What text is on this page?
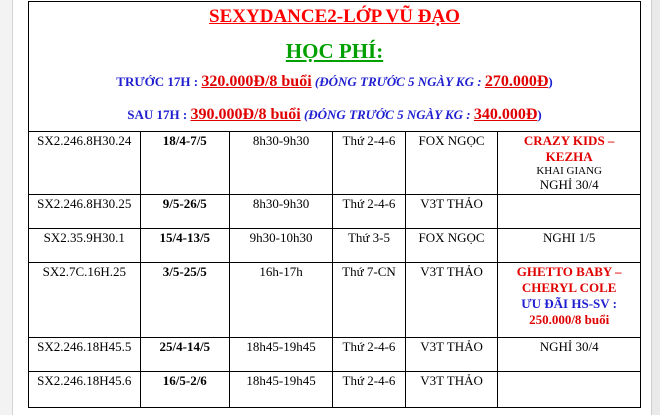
SEXYDANCE2-LỚP VŨ ĐẠO
HỌC PHÍ:
TRƯỚC 17H : 320.000Đ/8 buổi (ĐÓNG TRƯỚC 5 NGÀY KG : 270.000Đ)
SAU 17H : 390.000Đ/8 buổi (ĐÓNG TRƯỚC 5 NGÀY KG : 340.000Đ)
SX2.246.8H30.24	18/4-7/5	8h30-9h30	Thứ 2-4-6	FOX NGỌC	CRAZY KIDS – KEZHA
KHAI GIANG
NGHỈ 30/4

SX2.246.8H30.25	9/5-26/5	8h30-9h30	Thứ 2-4-6	V3T THẢO	
SX2.35.9H30.1	15/4-13/5	9h30-10h30	Thứ 3-5	FOX NGỌC	NGHI 1/5
SX2.7C.16H.25	3/5-25/5	16h-17h	Thứ 7-CN	V3T THẢO	GHETTO BABY – CHERYL COLE
ƯU ĐÃI HS-SV :
250.000/8 buổi

SX2.246.18H45.5	25/4-14/5	18h45-19h45	Thứ 2-4-6	V3T THẢO	NGHỈ 30/4
SX2.246.18H45.6	16/5-2/6	18h45-19h45	Thứ 2-4-6	V3T THẢO	
